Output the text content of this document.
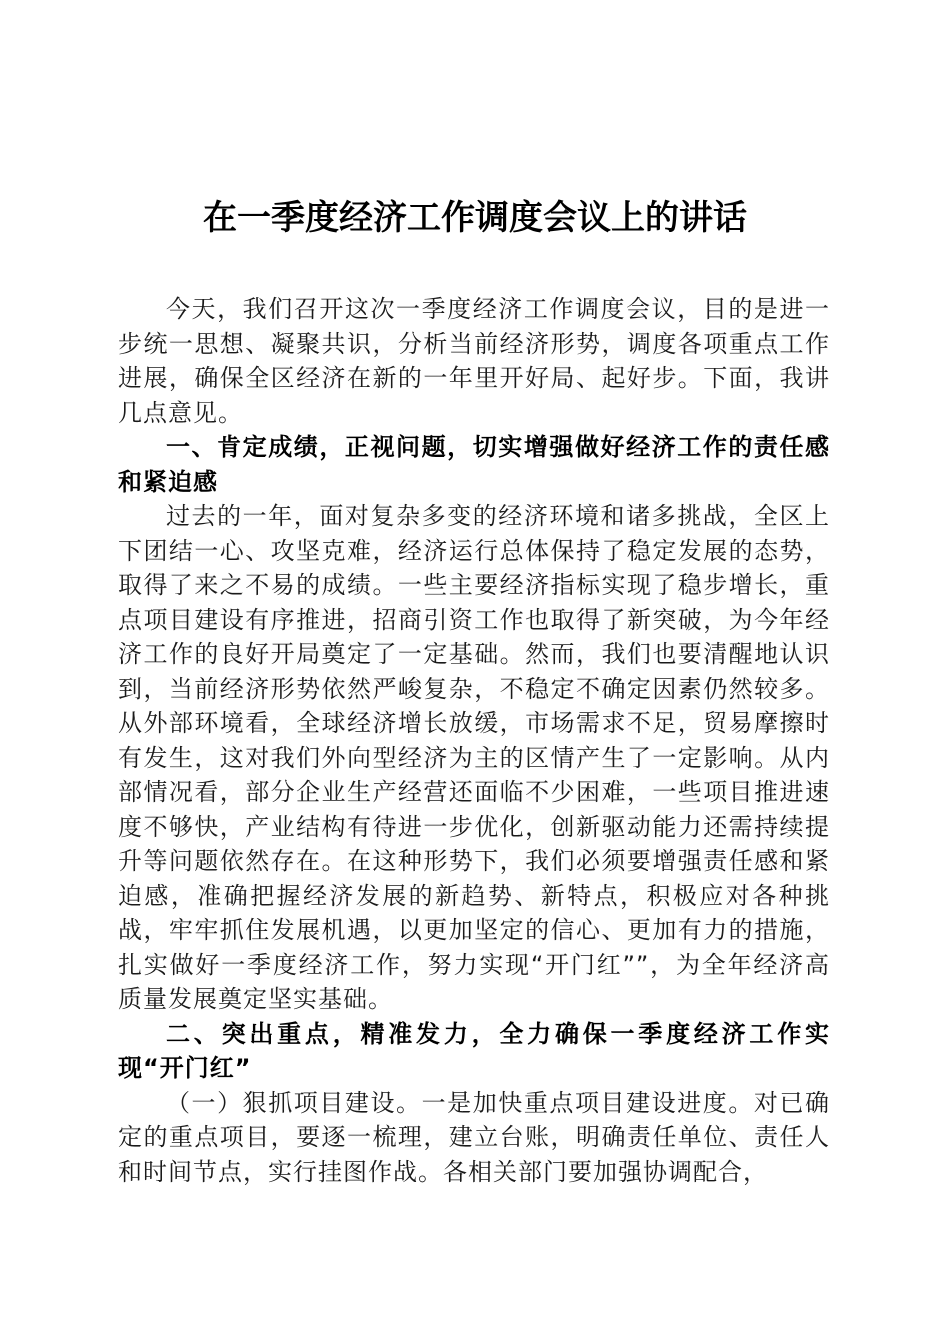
在一季度经济工作调度会议上的讲话

今天，我们召开这次一季度经济工作调度会议，目的是进一步统一思想、凝聚共识，分析当前经济形势，调度各项重点工作进展，确保全区经济在新的一年里开好局、起好步。下面，我讲几点意见。

一、肯定成绩，正视问题，切实增强做好经济工作的责任感和紧迫感

过去的一年，面对复杂多变的经济环境和诸多挑战，全区上下团结一心、攻坚克难，经济运行总体保持了稳定发展的态势，取得了来之不易的成绩。一些主要经济指标实现了稳步增长，重点项目建设有序推进，招商引资工作也取得了新突破，为今年经济工作的良好开局奠定了一定基础。然而，我们也要清醒地认识到，当前经济形势依然严峻复杂，不稳定不确定因素仍然较多。从外部环境看，全球经济增长放缓，市场需求不足，贸易摩擦时有发生，这对我们外向型经济为主的区情产生了一定影响。从内部情况看，部分企业生产经营还面临不少困难，一些项目推进速度不够快，产业结构有待进一步优化，创新驱动能力还需持续提升等问题依然存在。在这种形势下，我们必须要增强责任感和紧迫感，准确把握经济发展的新趋势、新特点，积极应对各种挑战，牢牢抓住发展机遇，以更加坚定的信心、更加有力的措施，扎实做好一季度经济工作，努力实现“开门红””，为全年经济高质量发展奠定坚实基础。

二、突出重点，精准发力，全力确保一季度经济工作实现“开门红”

（一）狠抓项目建设。一是加快重点项目建设进度。对已确定的重点项目，要逐一梳理，建立台账，明确责任单位、责任人和时间节点，实行挂图作战。各相关部门要加强协调配合，
